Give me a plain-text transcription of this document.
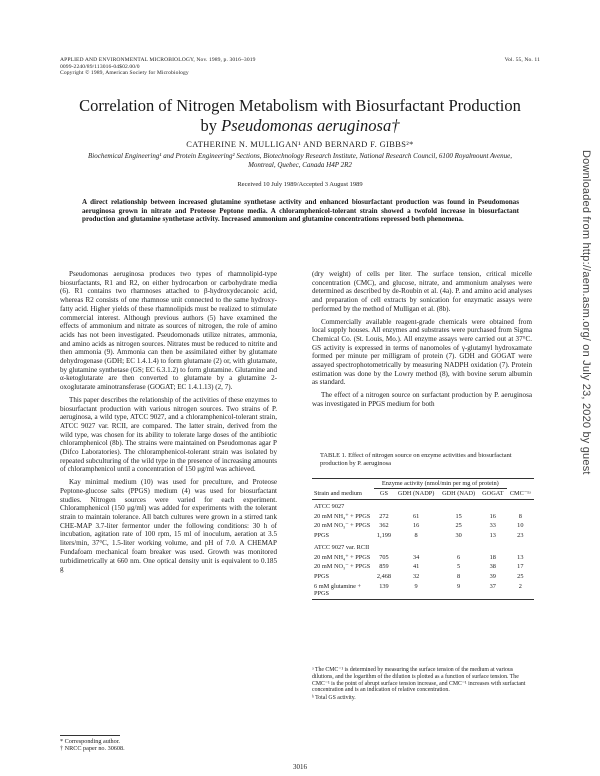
APPLIED AND ENVIRONMENTAL MICROBIOLOGY, Nov. 1989, p. 3016–3019
0099-2240/89/113016-04$02.00/0
Copyright © 1989, American Society for Microbiology
Vol. 55, No. 11
Correlation of Nitrogen Metabolism with Biosurfactant Production
by Pseudomonas aeruginosa†
CATHERINE N. MULLIGAN¹ AND BERNARD F. GIBBS²*
Biochemical Engineering¹ and Protein Engineering² Sections, Biotechnology Research Institute, National Research Council, 6100 Royalmount Avenue, Montreal, Quebec, Canada H4P 2R2
Received 10 July 1989/Accepted 3 August 1989
A direct relationship between increased glutamine synthetase activity and enhanced biosurfactant production was found in Pseudomonas aeruginosa grown in nitrate and Proteose Peptone media. A chloramphenicol-tolerant strain showed a twofold increase in biosurfactant production and glutamine synthetase activity. Increased ammonium and glutamine concentrations repressed both phenomena.

Pseudomonas aeruginosa produces two types of rhamnolipid-type biosurfactants, R1 and R2, on either hydrocarbon or carbohydrate media (6). R1 contains two rhamnoses attached to β-hydroxydecanoic acid, whereas R2 consists of one rhamnose unit connected to the same hydroxy-fatty acid. Higher yields of these rhamnolipids must be realized to stimulate commercial interest. Although previous authors (5) have examined the effects of ammonium and nitrate as sources of nitrogen, the role of amino acids has not been investigated. Pseudomonads utilize nitrates, ammonia, and amino acids as nitrogen sources. Nitrates must be reduced to nitrite and then ammonia (9). Ammonia can then be assimilated either by glutamate dehydrogenase (GDH; EC 1.4.1.4) to form glutamate (2) or, with glutamate, by glutamine synthetase (GS; EC 6.3.1.2) to form glutamine. Glutamine and α-ketoglutarate are then converted to glutamate by a glutamine 2-oxoglutarate aminotransferase (GOGAT; EC 1.4.1.13) (2, 7).

This paper describes the relationship of the activities of these enzymes to biosurfactant production with various nitrogen sources. Two strains of P. aeruginosa, a wild type, ATCC 9027, and a chloramphenicol-tolerant strain, ATCC 9027 var. RCII, are compared. The latter strain, derived from the wild type, was chosen for its ability to tolerate large doses of the antibiotic chloramphenicol (8b). The strains were maintained on Pseudomonas agar P (Difco Laboratories). The chloramphenicol-tolerant strain was isolated by repeated subculturing of the wild type in the presence of increasing amounts of chloramphenicol until a concentration of 150 μg/ml was achieved.

Kay minimal medium (10) was used for preculture, and Proteose Peptone-glucose salts (PPGS) medium (4) was used for biosurfactant studies. Nitrogen sources were varied for each experiment. Chloramphenicol (150 μg/ml) was added for experiments with the tolerant strain to maintain tolerance. All batch cultures were grown in a stirred tank CHE-MAP 3.7-liter fermentor under the following conditions: 30 h of incubation, agitation rate of 100 rpm, 15 ml of inoculum, aeration at 3.5 liters/min, 37°C, 1.5-liter working volume, and pH of 7.0. A CHEMAP Fundafoam mechanical foam breaker was used. Growth was monitored turbidimetrically at 660 nm. One optical density unit is equivalent to 0.185 g

(dry weight) of cells per liter. The surface tension, critical micelle concentration (CMC), and glucose, nitrate, and ammonium analyses were determined as described by de-Roubin et al. (4a). P. and amino acid analyses and preparation of cell extracts by sonication for enzymatic assays were performed by the method of Mulligan et al. (8b).

Commercially available reagent-grade chemicals were obtained from local supply houses. All enzymes and substrates were purchased from Sigma Chemical Co. (St. Louis, Mo.). All enzyme assays were carried out at 37°C. GS activity is expressed in terms of nanomoles of γ-glutamyl hydroxamate formed per minute per milligram of protein (7). GDH and GOGAT were assayed spectrophotometrically by measuring NADPH oxidation (7). Protein estimation was done by the Lowry method (8), with bovine serum albumin as standard.

The effect of a nitrogen source on surfactant production by P. aeruginosa was investigated in PPGS medium for both

TABLE 1. Effect of nitrogen source on enzyme activities and biosurfactant production by P. aeruginosa
Strain and medium	Enzyme activity (nmol/min per mg of protein)				CMC⁻¹ᵃ
	GS	GDH (NADP)	GDH (NAD)	GOGAT	
ATCC 9027					
20 mM NH₄⁺ + PPGS	272	61	15	16	8
20 mM NO₃⁻ + PPGS	362	16	25	33	10
PPGS	1,199	8	30	13	23
ATCC 9027 var. RCII					
20 mM NH₄⁺ + PPGS	705	34	6	18	13
20 mM NO₃⁻ + PPGS	859	41	5	38	17
PPGS	2,468	32	8	39	25
6 mM glutamine + PPGS	139	9	9	37	2

ᵃ The CMC⁻¹ is determined by measuring the surface tension of the medium at various dilutions, and the logarithm of the dilution is plotted as a function of surface tension. The CMC⁻¹ is the point of abrupt surface tension increase, and CMC⁻¹ increases with surfactant concentration and is an indication of relative concentration.

ᵇ Total GS activity.

* Corresponding author.
† NRCC paper no. 30608.
3016
Downloaded from http://aem.asm.org/ on July 23, 2020 by guest
